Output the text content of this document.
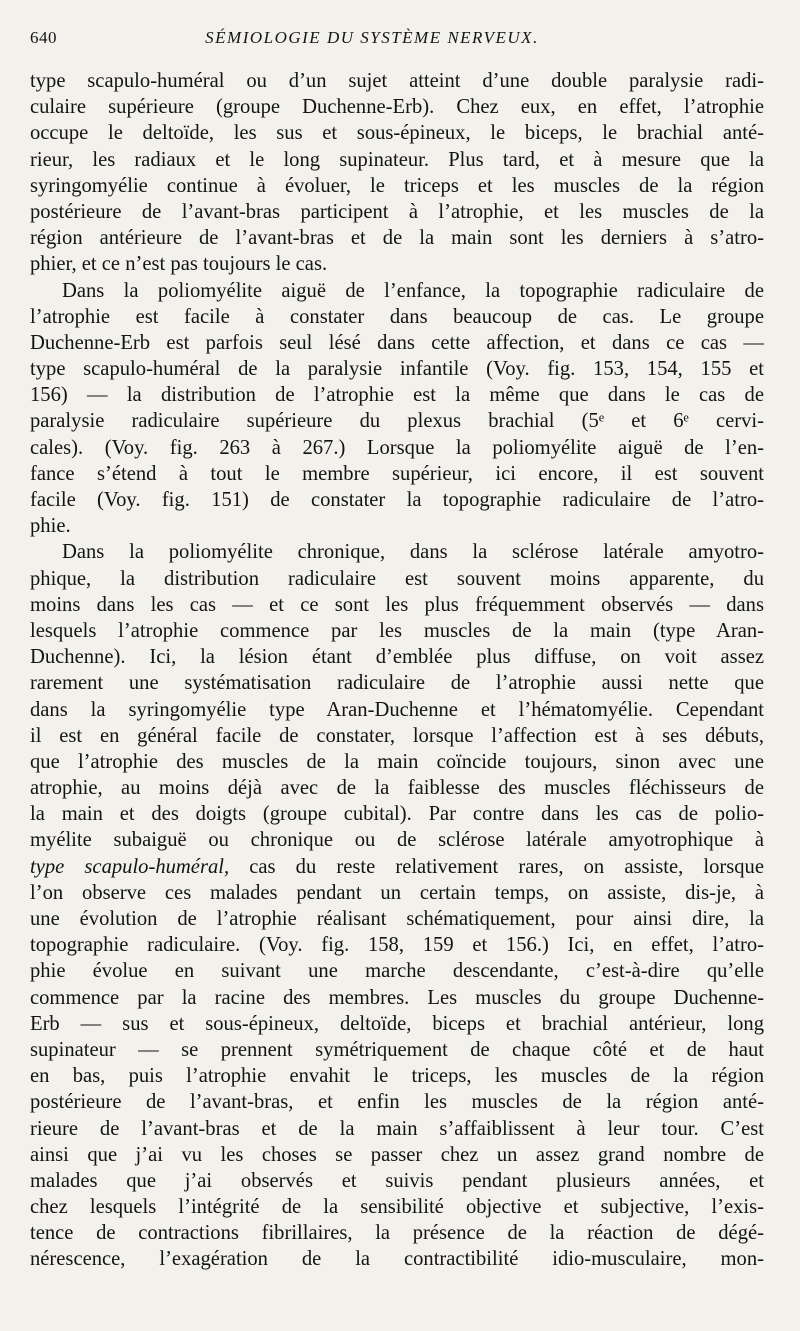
640	SÉMIOLOGIE DU SYSTÈME NERVEUX.
type scapulo-huméral ou d’un sujet atteint d’une double paralysie radi-
culaire supérieure (groupe Duchenne-Erb). Chez eux, en effet, l’atrophie
occupe le deltoïde, les sus et sous-épineux, le biceps, le brachial anté-
rieur, les radiaux et le long supinateur. Plus tard, et à mesure que la
syringomyélie continue à évoluer, le triceps et les muscles de la région
postérieure de l’avant-bras participent à l’atrophie, et les muscles de la
région antérieure de l’avant-bras et de la main sont les derniers à s’atro-
phier, et ce n’est pas toujours le cas.
Dans la poliomyélite aiguë de l’enfance, la topographie radiculaire de
l’atrophie est facile à constater dans beaucoup de cas. Le groupe
Duchenne-Erb est parfois seul lésé dans cette affection, et dans ce cas —
type scapulo-huméral de la paralysie infantile (Voy. fig. 153, 154, 155 et
156) — la distribution de l’atrophie est la même que dans le cas de
paralysie radiculaire supérieure du plexus brachial (5ᵉ et 6ᵉ cervi-
cales). (Voy. fig. 263 à 267.) Lorsque la poliomyélite aiguë de l’en-
fance s’étend à tout le membre supérieur, ici encore, il est souvent
facile (Voy. fig. 151) de constater la topographie radiculaire de l’atro-
phie.
Dans la poliomyélite chronique, dans la sclérose latérale amyotro-
phique, la distribution radiculaire est souvent moins apparente, du
moins dans les cas — et ce sont les plus fréquemment observés — dans
lesquels l’atrophie commence par les muscles de la main (type Aran-
Duchenne). Ici, la lésion étant d’emblée plus diffuse, on voit assez
rarement une systématisation radiculaire de l’atrophie aussi nette que
dans la syringomyélie type Aran-Duchenne et l’hématomyélie. Cependant
il est en général facile de constater, lorsque l’affection est à ses débuts,
que l’atrophie des muscles de la main coïncide toujours, sinon avec une
atrophie, au moins déjà avec de la faiblesse des muscles fléchisseurs de
la main et des doigts (groupe cubital). Par contre dans les cas de polio-
myélite subaiguë ou chronique ou de sclérose latérale amyotrophique à
type scapulo-huméral, cas du reste relativement rares, on assiste, lorsque
l’on observe ces malades pendant un certain temps, on assiste, dis-je, à
une évolution de l’atrophie réalisant schématiquement, pour ainsi dire, la
topographie radiculaire. (Voy. fig. 158, 159 et 156.) Ici, en effet, l’atro-
phie évolue en suivant une marche descendante, c’est-à-dire qu’elle
commence par la racine des membres. Les muscles du groupe Duchenne-
Erb — sus et sous-épineux, deltoïde, biceps et brachial antérieur, long
supinateur — se prennent symétriquement de chaque côté et de haut
en bas, puis l’atrophie envahit le triceps, les muscles de la région
postérieure de l’avant-bras, et enfin les muscles de la région anté-
rieure de l’avant-bras et de la main s’affaiblissent à leur tour. C’est
ainsi que j’ai vu les choses se passer chez un assez grand nombre de
malades que j’ai observés et suivis pendant plusieurs années, et
chez lesquels l’intégrité de la sensibilité objective et subjective, l’exis-
tence de contractions fibrillaires, la présence de la réaction de dégé-
nérescence, l’exagération de la contractibilité idio-musculaire, mon-
